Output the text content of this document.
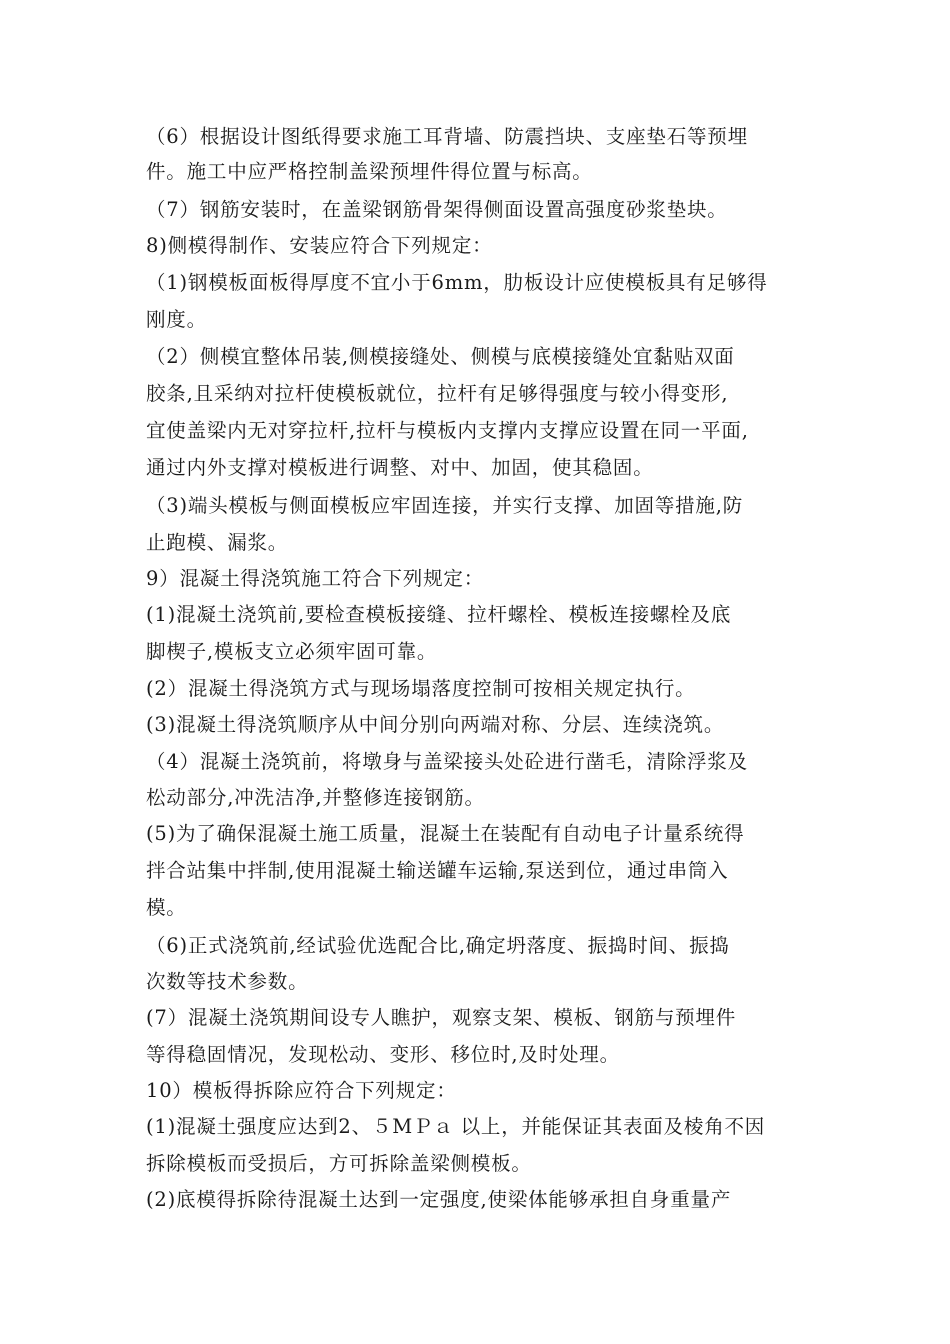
（6）根据设计图纸得要求施工耳背墙、防震挡块、支座垫石等预埋
件。施工中应严格控制盖梁预埋件得位置与标高。
（7）钢筋安装时，在盖梁钢筋骨架得侧面设置高强度砂浆垫块。
8)侧模得制作、安装应符合下列规定：
（1)钢模板面板得厚度不宜小于6mm，肋板设计应使模板具有足够得
刚度。
（2）侧模宜整体吊装,侧模接缝处、侧模与底模接缝处宜黏贴双面
胶条,且采纳对拉杆使模板就位，拉杆有足够得强度与较小得变形,
宜使盖梁内无对穿拉杆,拉杆与模板内支撑内支撑应设置在同一平面,
通过内外支撑对模板进行调整、对中、加固，使其稳固。
（3)端头模板与侧面模板应牢固连接，并实行支撑、加固等措施,防
止跑模、漏浆。
9）混凝土得浇筑施工符合下列规定：
(1)混凝土浇筑前,要检查模板接缝、拉杆螺栓、模板连接螺栓及底
脚楔子,模板支立必须牢固可靠。
(2）混凝土得浇筑方式与现场塌落度控制可按相关规定执行。
(3)混凝土得浇筑顺序从中间分别向两端对称、分层、连续浇筑。
（4）混凝土浇筑前，将墩身与盖梁接头处砼进行凿毛，清除浮浆及
松动部分,冲洗洁净,并整修连接钢筋。
(5)为了确保混凝土施工质量，混凝土在装配有自动电子计量系统得
拌合站集中拌制,使用混凝土输送罐车运输,泵送到位，通过串筒入
模。
（6)正式浇筑前,经试验优选配合比,确定坍落度、振捣时间、振捣
次数等技术参数。
(7）混凝土浇筑期间设专人瞧护，观察支架、模板、钢筋与预埋件
等得稳固情况，发现松动、变形、移位时,及时处理。
10）模板得拆除应符合下列规定：
(1)混凝土强度应达到2、５MＰａ 以上，并能保证其表面及棱角不因
拆除模板而受损后，方可拆除盖梁侧模板。
(2)底模得拆除待混凝土达到一定强度,使梁体能够承担自身重量产
